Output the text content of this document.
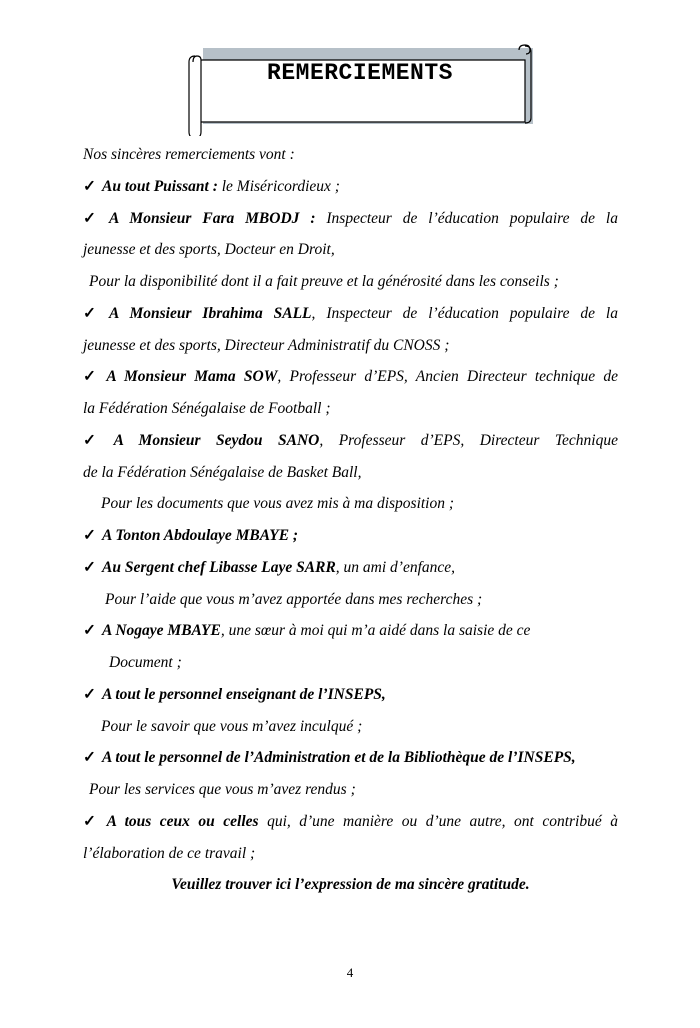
REMERCIEMENTS
Nos sincères remerciements vont :
✓ Au tout Puissant : le Miséricordieux ;
✓ A Monsieur Fara MBODJ : Inspecteur de l’éducation populaire de la
jeunesse et des sports, Docteur en Droit,
Pour la disponibilité dont il a fait preuve et la générosité dans les conseils ;
✓ A Monsieur Ibrahima SALL, Inspecteur de l’éducation populaire de la
jeunesse et des sports, Directeur Administratif du CNOSS ;
✓ A Monsieur Mama SOW, Professeur d’EPS, Ancien Directeur technique de
la Fédération Sénégalaise de Football ;
✓ A Monsieur Seydou SANO, Professeur d’EPS, Directeur Technique
de la Fédération Sénégalaise de Basket Ball,
Pour les documents que vous avez mis à ma disposition ;
✓ A Tonton Abdoulaye MBAYE ;
✓ Au Sergent chef Libasse Laye SARR, un ami d’enfance,
Pour l’aide que vous m’avez apportée dans mes recherches ;
✓ A Nogaye MBAYE, une sœur à moi qui m’a aidé dans la saisie de ce
Document ;
✓ A tout le personnel enseignant de l’INSEPS,
Pour le savoir que vous m’avez inculqué ;
✓ A tout le personnel de l’Administration et de la Bibliothèque de l’INSEPS,
Pour les services que vous m’avez rendus ;
✓ A tous ceux ou celles qui, d’une manière ou d’une autre, ont contribué à
l’élaboration de ce travail ;
Veuillez trouver ici l’expression de ma sincère gratitude.
4
